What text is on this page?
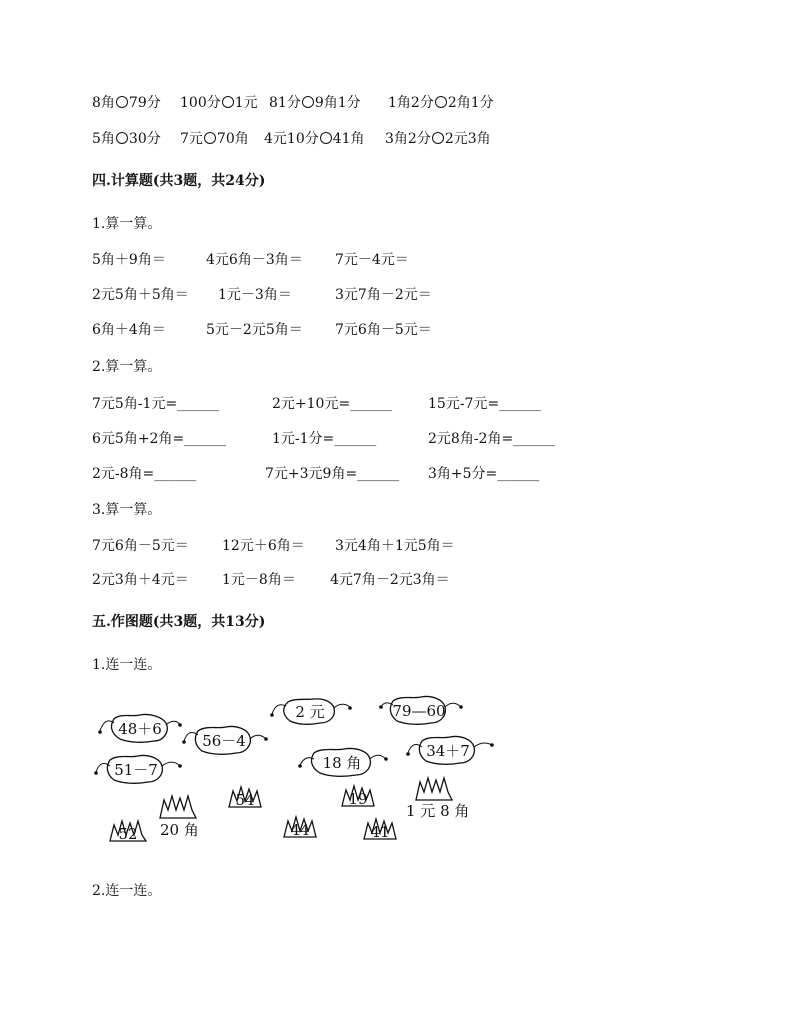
8角 79分 100分 1元 81分 9角1分 1角2分 2角1分
5角 30分 7元 70角 4元10分 41角 3角2分 2元3角
四.计算题(共3题，共24分)
1.算一算。
5角＋9角＝	4元6角－3角＝ 7元－4元＝
2元5角＋5角＝ 1元－3角＝	3元7角－2元＝
6角＋4角＝	5元－2元5角＝ 7元6角－5元＝
2.算一算。
7元5角-1元=______	2元+10元=______	15元-7元=______
6元5角+2角=______	1元-1分=______	2元8角-2角=______
2元-8角=______	7元+3元9角=______ 3角+5分=______
3.算一算。
7元6角－5元＝ 12元＋6角＝ 3元4角＋1元5角＝
2元3角＋4元＝ 1元－8角＝ 4元7角－2元3角＝
五.作图题(共3题，共13分)
1.连一连。
48＋6
56－4
2 元	79—60
51－7	18 角
34＋7
54	19
52	44	41
20 角
1 元 8 角
2.连一连。
